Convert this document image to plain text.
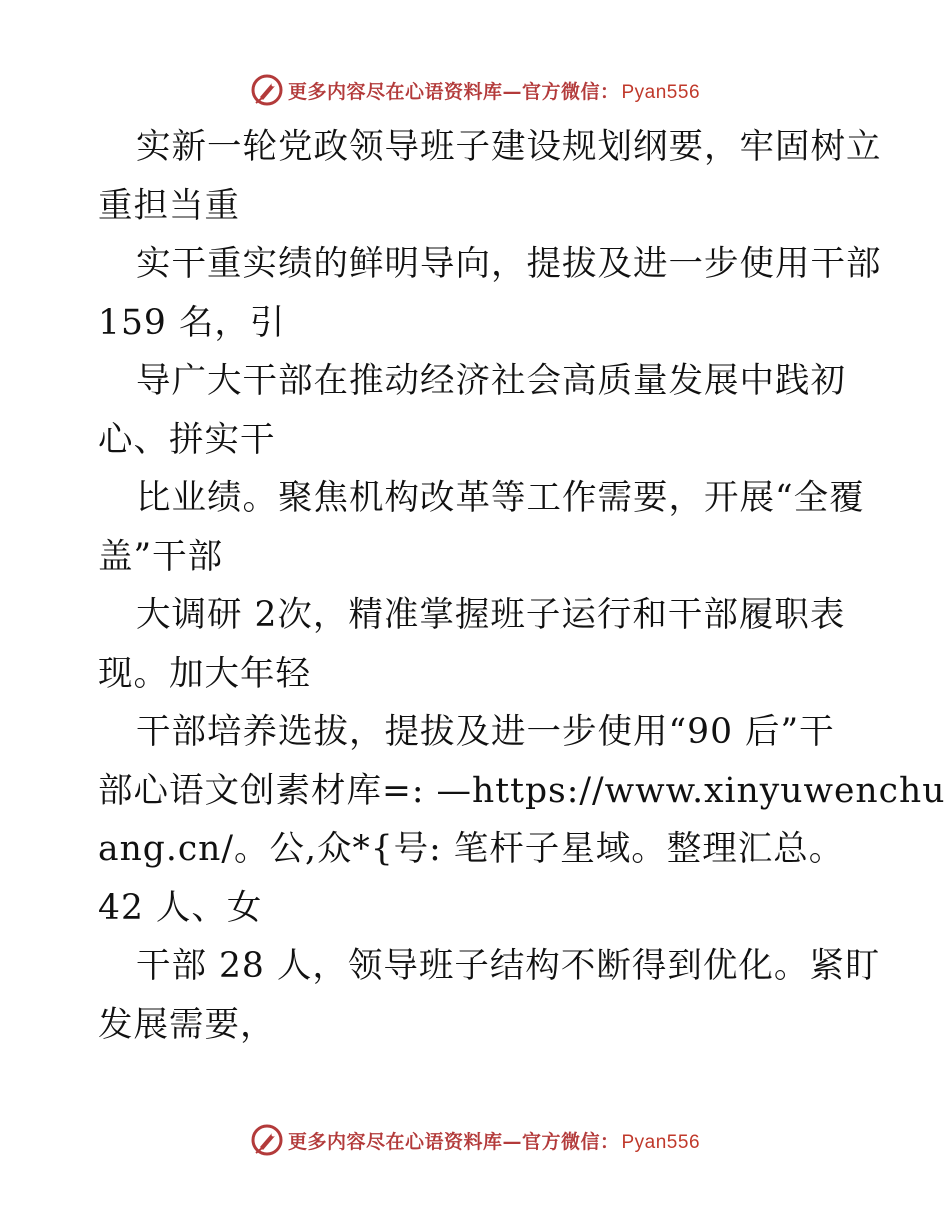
更多内容尽在心语资料库—官方微信： Pyan556
实新一轮党政领导班子建设规划纲要，牢固树立
重担当重
实干重实绩的鲜明导向，提拔及进一步使用干部
159 名，引
导广大干部在推动经济社会高质量发展中践初
心、拼实干
比业绩。聚焦机构改革等工作需要，开展“全覆
盖”干部
大调研 2次，精准掌握班子运行和干部履职表
现。加大年轻
干部培养选拔，提拔及进一步使用“90 后”干
部心语文创素材库=: —https://www.xinyuwenchu
ang.cn/。公,众*{号: 笔杆子星域。整理汇总。
42 人、女
干部 28 人，领导班子结构不断得到优化。紧盯
发展需要，
更多内容尽在心语资料库—官方微信： Pyan556
